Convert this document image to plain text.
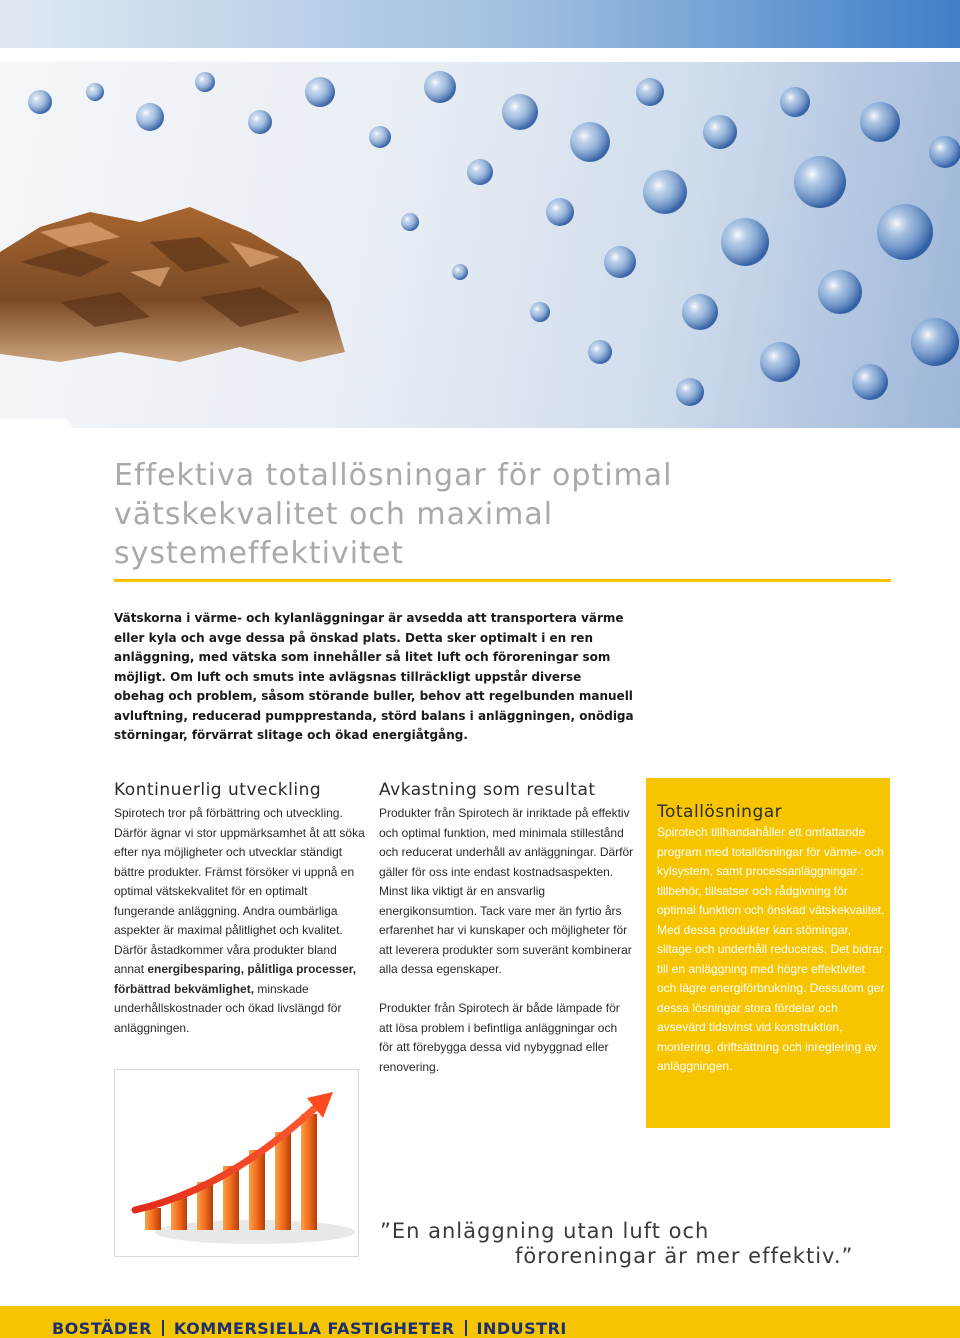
Effektiva totallösningar för optimal vätskekvalitet och maximal systemeffektivitet

Vätskorna i värme- och kylanläggningar är avsedda att transportera värme eller kyla och avge dessa på önskad plats. Detta sker optimalt i en ren anläggning, med vätska som innehåller så litet luft och föroreningar som möjligt. Om luft och smuts inte avlägsnas tillräckligt uppstår diverse obehag och problem, såsom störande buller, behov att regelbunden manuell avluftning, reducerad pumpprestanda, störd balans i anläggningen, onödiga störningar, förvärrat slitage och ökad energiåtgång.

Kontinuerlig utveckling

Spirotech tror på förbättring och utveckling. Därför ägnar vi stor uppmärksamhet åt att söka efter nya möjligheter och utvecklar ständigt bättre produkter. Främst försöker vi uppnå en optimal vätskekvalitet för en optimalt fungerande anläggning. Andra oumbärliga aspekter är maximal pålitlighet och kvalitet. Därför åstadkommer våra produkter bland annat energibesparing, pålitliga processer, förbättrad bekvämlighet, minskade underhållskostnader och ökad livslängd för anläggningen.

Avkastning som resultat

Produkter från Spirotech är inriktade på effektiv och optimal funktion, med minimala stillestånd och reducerat underhåll av anläggningar. Därför gäller för oss inte endast kostnadsaspekten. Minst lika viktigt är en ansvarlig energikonsumtion. Tack vare mer än fyrtio års erfarenhet har vi kunskaper och möjligheter för att leverera produkter som suveränt kombinerar alla dessa egenskaper.

Produkter från Spirotech är både lämpade för att lösa problem i befintliga anläggningar och för att förebygga dessa vid nybyggnad eller renovering.

Totallösningar

Spirotech tillhandahåller ett omfattande program med totallösningar för värme- och kylsystem, samt processanläggningar : tillbehör, tillsatser och rådgivning för optimal funktion och önskad vätskekvalitet. Med dessa produkter kan stömingar, slitage och underhåll reduceras. Det bidrar till en anläggning med högre effektivitet och lägre energiförbrukning. Dessutom ger dessa lösningar stora fördelar och avsevärd tidsvinst vid konstruktion, montering, driftsättning och inreglering av anläggningen.

”En anläggning utan luft och
föroreningar är mer effektiv.”
BOSTÄDER KOMMERSIELLA FASTIGHETER INDUSTRI
